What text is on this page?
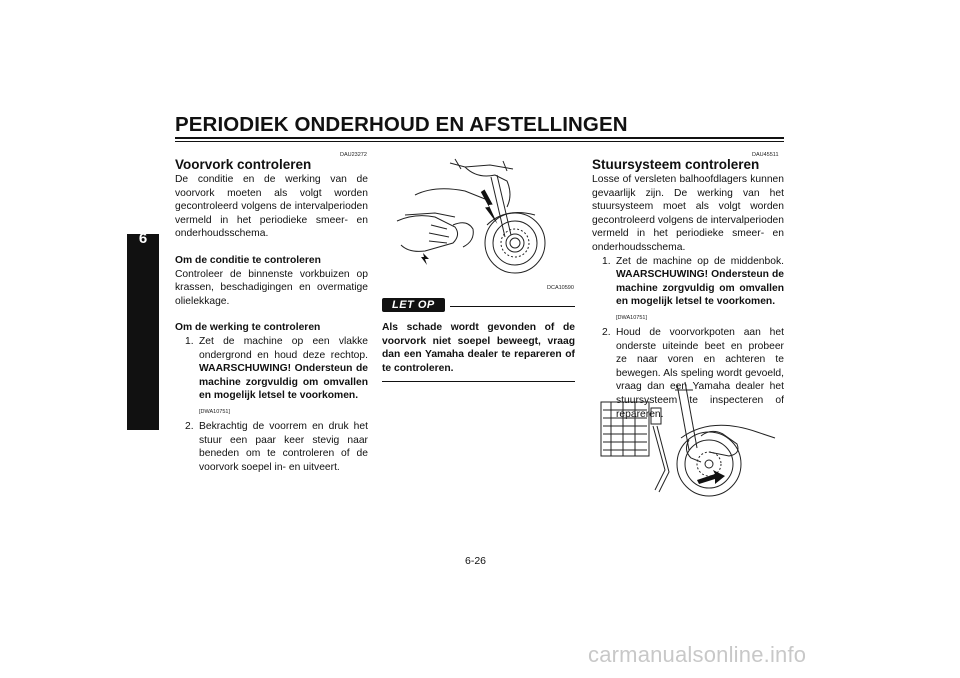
PERIODIEK ONDERHOUD EN AFSTELLINGEN
6
DAU23272
Voorvork controleren

De conditie en de werking van de voorvork moeten als volgt worden gecontroleerd volgens de intervalperioden vermeld in het periodieke smeer- en onderhoudsschema.

Om de conditie te controleren

Controleer de binnenste vorkbuizen op krassen, beschadigingen en overmatige olielekkage.

Om de werking te controleren

1. Zet de machine op een vlakke ondergrond en houd deze rechtop. WAARSCHUWING! Ondersteun de machine zorgvuldig om omvallen en mogelijk letsel te voorkomen.
[DWA10751]
2. Bekrachtig de voorrem en druk het stuur een paar keer stevig naar beneden om te controleren of de voorvork soepel in- en uitveert.
DCA10590
LET OP
Als schade wordt gevonden of de voorvork niet soepel beweegt, vraag dan een Yamaha dealer te repareren of te controleren.
DAU45511
Stuursysteem controleren

Losse of versleten balhoofdlagers kunnen gevaarlijk zijn. De werking van het stuursysteem moet als volgt worden gecontroleerd volgens de intervalperioden vermeld in het periodieke smeer- en onderhoudsschema.

1. Zet de machine op de middenbok. WAARSCHUWING! Ondersteun de machine zorgvuldig om omvallen en mogelijk letsel te voorkomen.
[DWA10751]
2. Houd de voorvorkpoten aan het onderste uiteinde beet en probeer ze naar voren en achteren te bewegen. Als speling wordt gevoeld, vraag dan een Yamaha dealer het stuursysteem te inspecteren of repareren.
6-26
carmanualsonline.info
